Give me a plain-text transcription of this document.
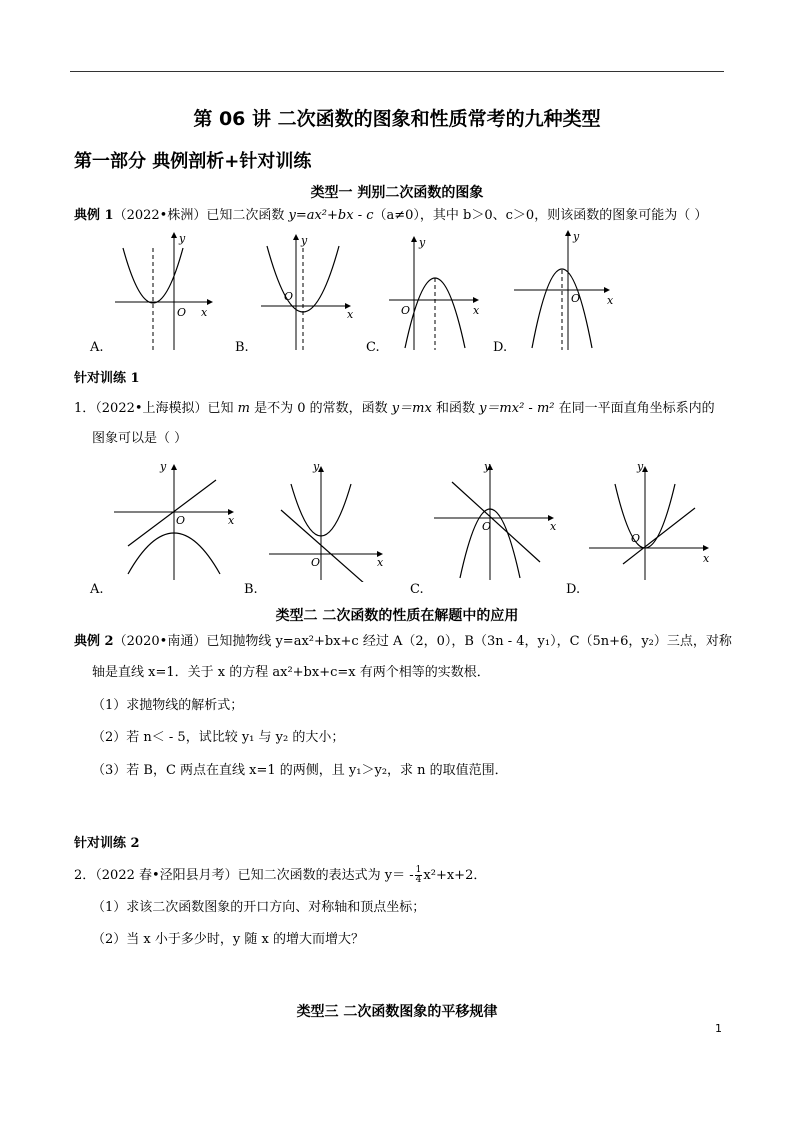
第 06 讲 二次函数的图象和性质常考的九种类型
第一部分 典例剖析+针对训练
类型一 判别二次函数的图象
典例 1（2022•株洲）已知二次函数 y=ax²+bx - c（a≠0），其中 b＞0、c＞0，则该函数的图象可能为（ ）
O x
y
O
x
y
O	x
y
O x
y
A.	B.	C.	D.
针对训练 1
1．（2022•上海模拟）已知 m 是不为 0 的常数，函数 y＝mx 和函数 y＝mx² - m² 在同一平面直角坐标系内的
图象可以是（ ）
O	x
y
O	x
y
O	x
y
O
x
y
A.	B.	C.	D.
类型二 二次函数的性质在解题中的应用
典例 2（2020•南通）已知抛物线 y=ax²+bx+c 经过 A（2，0），B（3n - 4，y₁），C（5n+6，y₂）三点，对称
轴是直线 x=1．关于 x 的方程 ax²+bx+c=x 有两个相等的实数根．
（1）求抛物线的解析式；
（2）若 n＜ - 5，试比较 y₁ 与 y₂ 的大小；
（3）若 B，C 两点在直线 x=1 的两侧，且 y₁＞y₂，求 n 的取值范围．
针对训练 2
2．（2022 春•泾阳县月考）已知二次函数的表达式为 $y= - \frac{1}{4} x^2+x+2$．
（1）求该二次函数图象的开口方向、对称轴和顶点坐标；
（2）当 x 小于多少时，y 随 x 的增大而增大？
类型三 二次函数图象的平移规律
1
